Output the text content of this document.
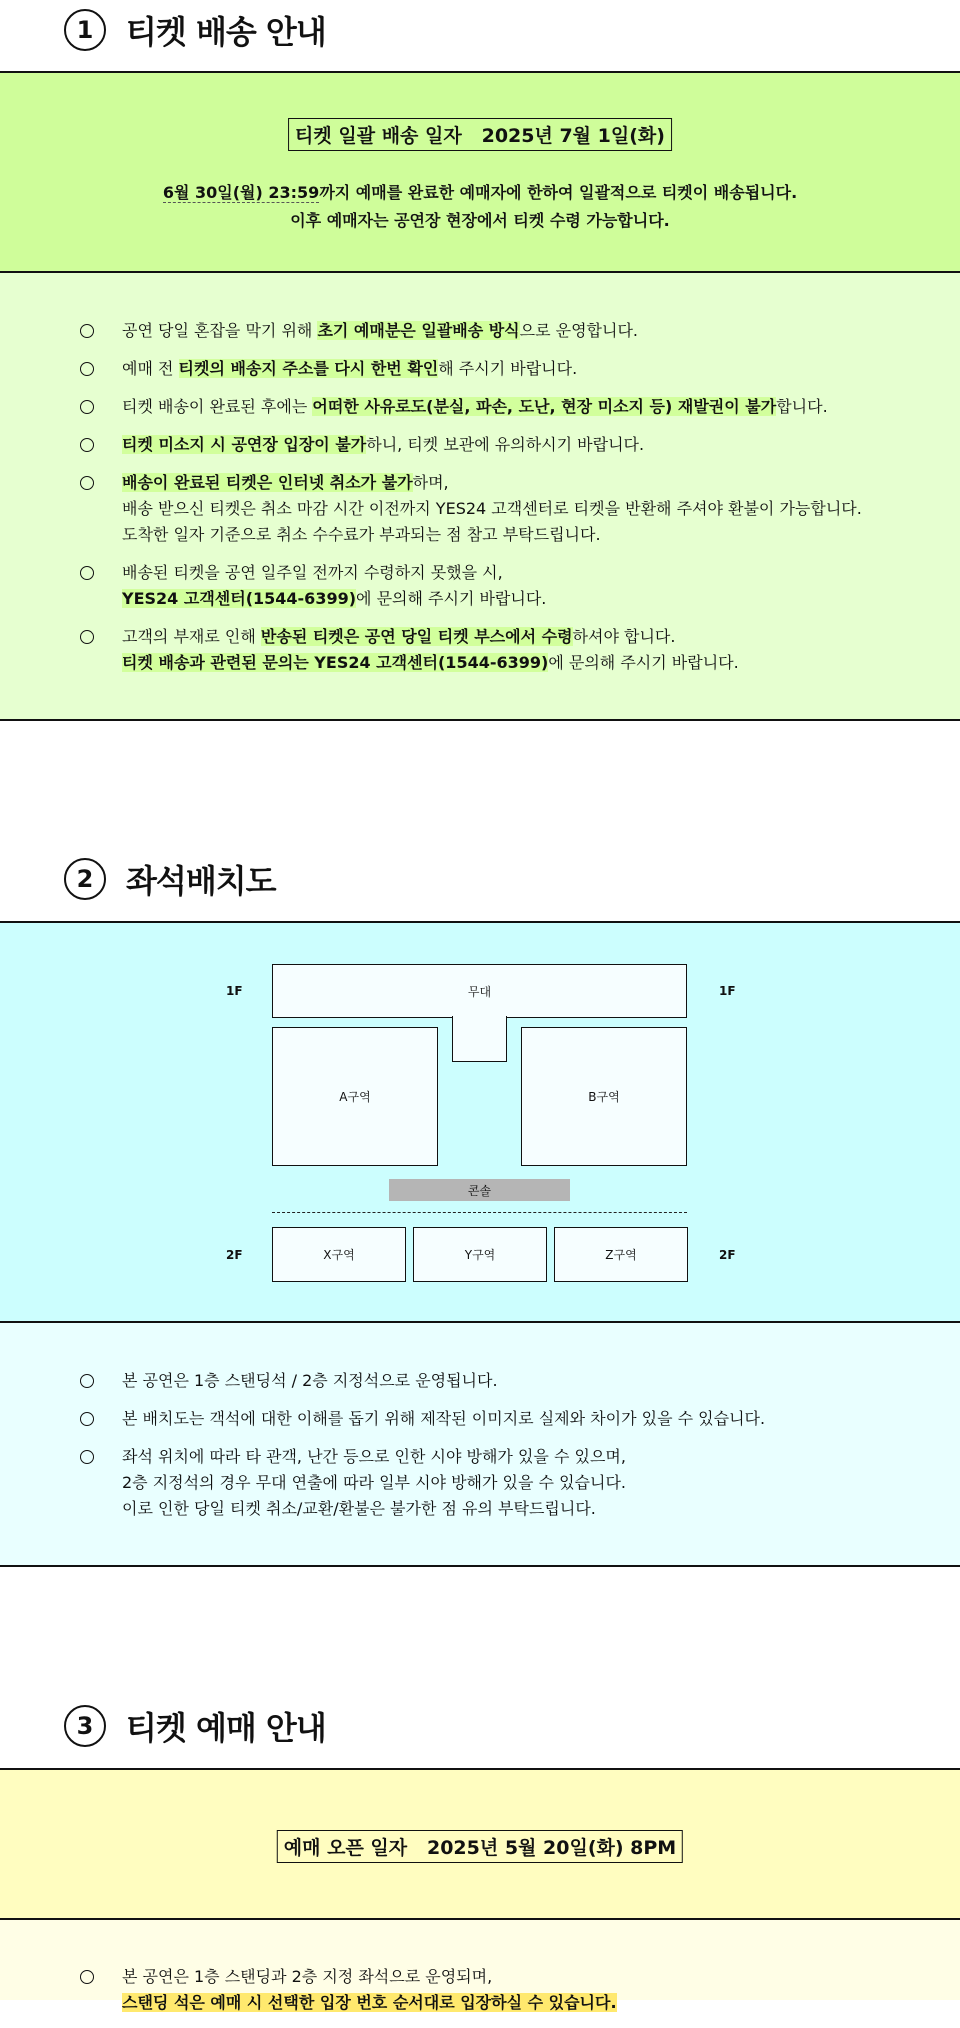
1	티켓 배송 안내
티켓 일괄 배송 일자 2025년 7월 1일(화)
6월 30일(월) 23:59까지 예매를 완료한 예매자에 한하여 일괄적으로 티켓이 배송됩니다.
이후 예매자는 공연장 현장에서 티켓 수령 가능합니다.
공연 당일 혼잡을 막기 위해 초기 예매분은 일괄배송 방식으로 운영합니다.
예매 전 티켓의 배송지 주소를 다시 한번 확인해 주시기 바랍니다.
티켓 배송이 완료된 후에는 어떠한 사유로도(분실, 파손, 도난, 현장 미소지 등) 재발권이 불가합니다.
티켓 미소지 시 공연장 입장이 불가하니, 티켓 보관에 유의하시기 바랍니다.
배송이 완료된 티켓은 인터넷 취소가 불가하며,
배송 받으신 티켓은 취소 마감 시간 이전까지 YES24 고객센터로 티켓을 반환해 주셔야 환불이 가능합니다.
도착한 일자 기준으로 취소 수수료가 부과되는 점 참고 부탁드립니다.
배송된 티켓을 공연 일주일 전까지 수령하지 못했을 시,
YES24 고객센터(1544-6399)에 문의해 주시기 바랍니다.
고객의 부재로 인해 반송된 티켓은 공연 당일 티켓 부스에서 수령하셔야 합니다.
티켓 배송과 관련된 문의는 YES24 고객센터(1544-6399)에 문의해 주시기 바랍니다.
2	좌석배치도
1F	1F
무대
A구역	B구역
콘솔
2F	2F
X구역	Y구역	Z구역
본 공연은 1층 스탠딩석 / 2층 지정석으로 운영됩니다.
본 배치도는 객석에 대한 이해를 돕기 위해 제작된 이미지로 실제와 차이가 있을 수 있습니다.
좌석 위치에 따라 타 관객, 난간 등으로 인한 시야 방해가 있을 수 있으며,
2층 지정석의 경우 무대 연출에 따라 일부 시야 방해가 있을 수 있습니다.
이로 인한 당일 티켓 취소/교환/환불은 불가한 점 유의 부탁드립니다.
3	티켓 예매 안내
예매 오픈 일자 2025년 5월 20일(화) 8PM
본 공연은 1층 스탠딩과 2층 지정 좌석으로 운영되며,
스탠딩 석은 예매 시 선택한 입장 번호 순서대로 입장하실 수 있습니다.
